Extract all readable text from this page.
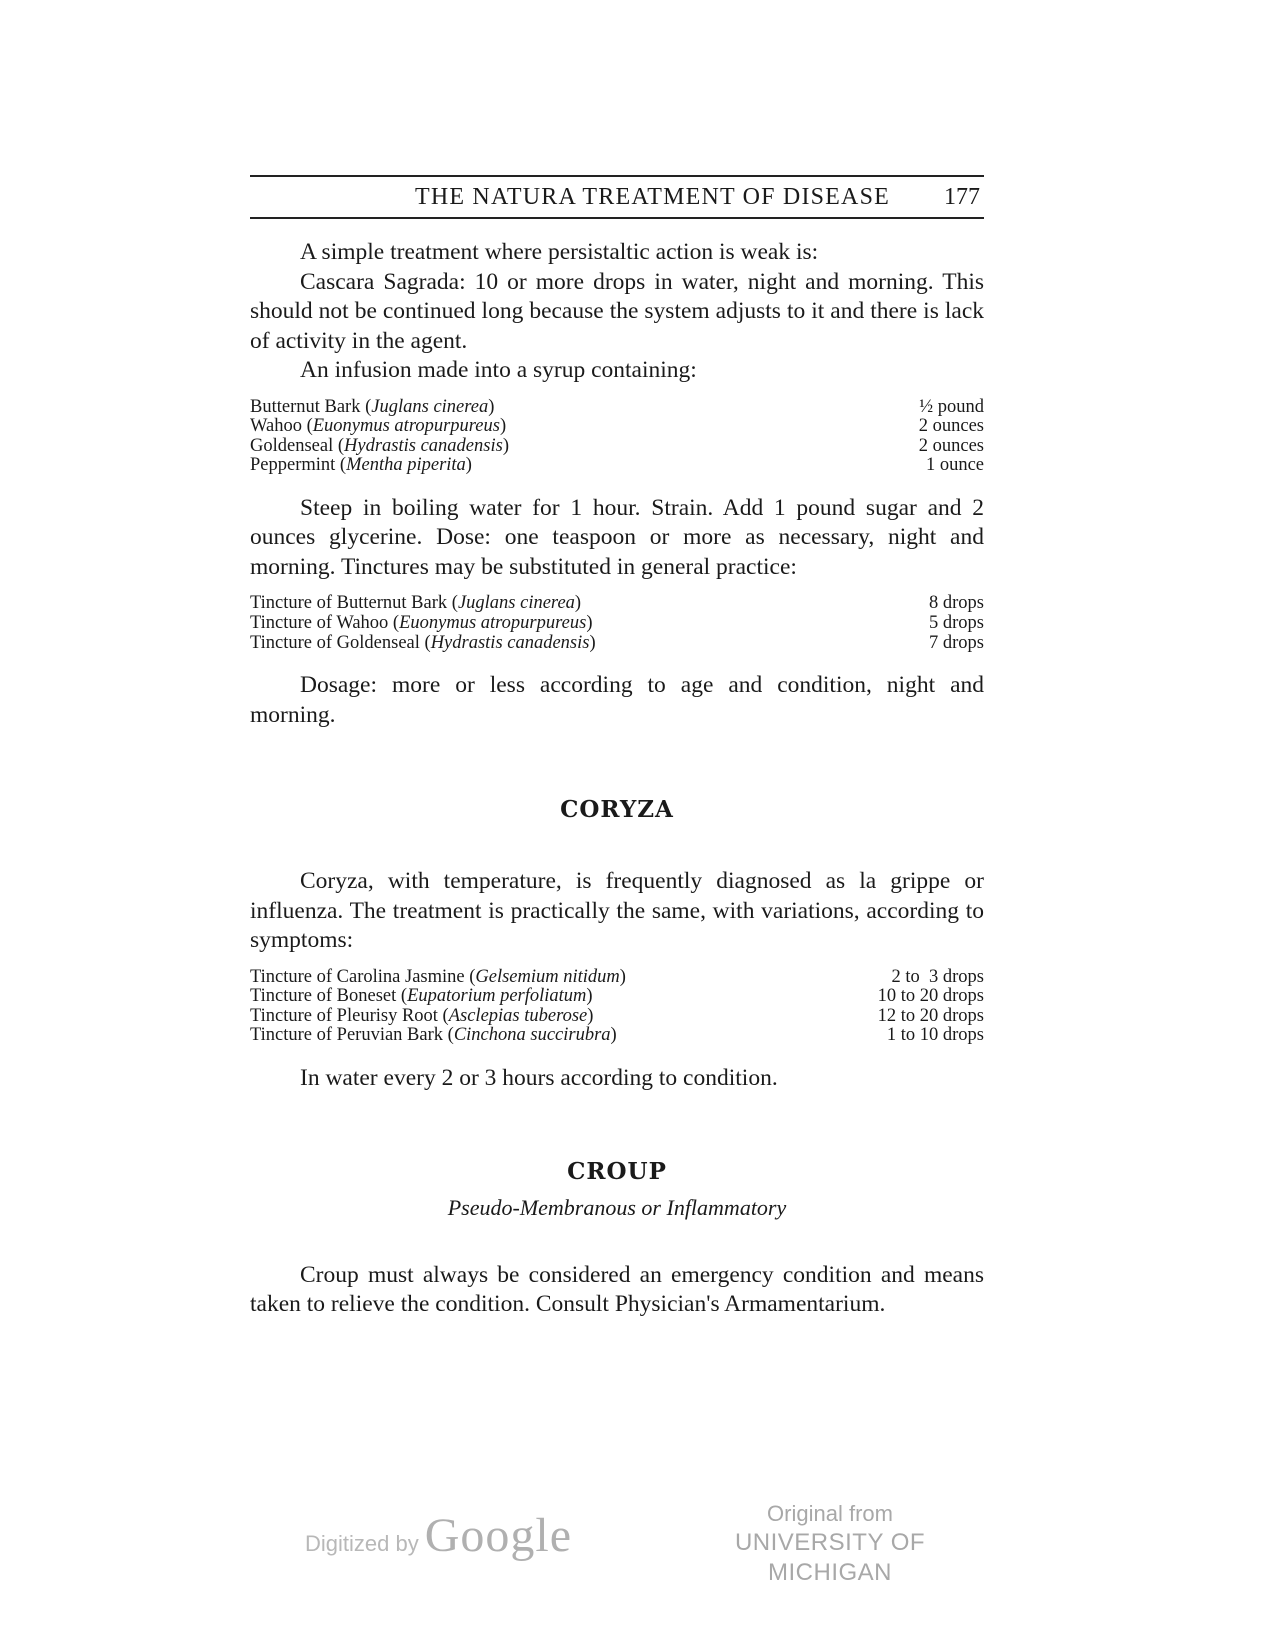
THE NATURA TREATMENT OF DISEASE 177

A simple treatment where persistaltic action is weak is:

Cascara Sagrada: 10 or more drops in water, night and morning. This should not be continued long because the system adjusts to it and there is lack of activity in the agent.

An infusion made into a syrup containing:

Butternut Bark (Juglans cinerea)	½ pound
Wahoo (Euonymus atropurpureus)	2 ounces
Goldenseal (Hydrastis canadensis)	2 ounces
Peppermint (Mentha piperita)	1 ounce

Steep in boiling water for 1 hour. Strain. Add 1 pound sugar and 2 ounces glycerine. Dose: one teaspoon or more as necessary, night and morning. Tinctures may be substituted in general practice:

Tincture of Butternut Bark (Juglans cinerea)	8 drops
Tincture of Wahoo (Euonymus atropurpureus)	5 drops
Tincture of Goldenseal (Hydrastis canadensis)	7 drops

Dosage: more or less according to age and condition, night and morning.

CORYZA

Coryza, with temperature, is frequently diagnosed as la grippe or influenza. The treatment is practically the same, with variations, according to symptoms:

Tincture of Carolina Jasmine (Gelsemium nitidum)	2 to  3 drops
Tincture of Boneset (Eupatorium perfoliatum)	10 to 20 drops
Tincture of Pleurisy Root (Asclepias tuberose)	12 to 20 drops
Tincture of Peruvian Bark (Cinchona succirubra)	1 to 10 drops

In water every 2 or 3 hours according to condition.

CROUP
Pseudo-Membranous or Inflammatory

Croup must always be considered an emergency condition and means taken to relieve the condition. Consult Physician's Armamentarium.

Digitized by Google	Original from
UNIVERSITY OF MICHIGAN
